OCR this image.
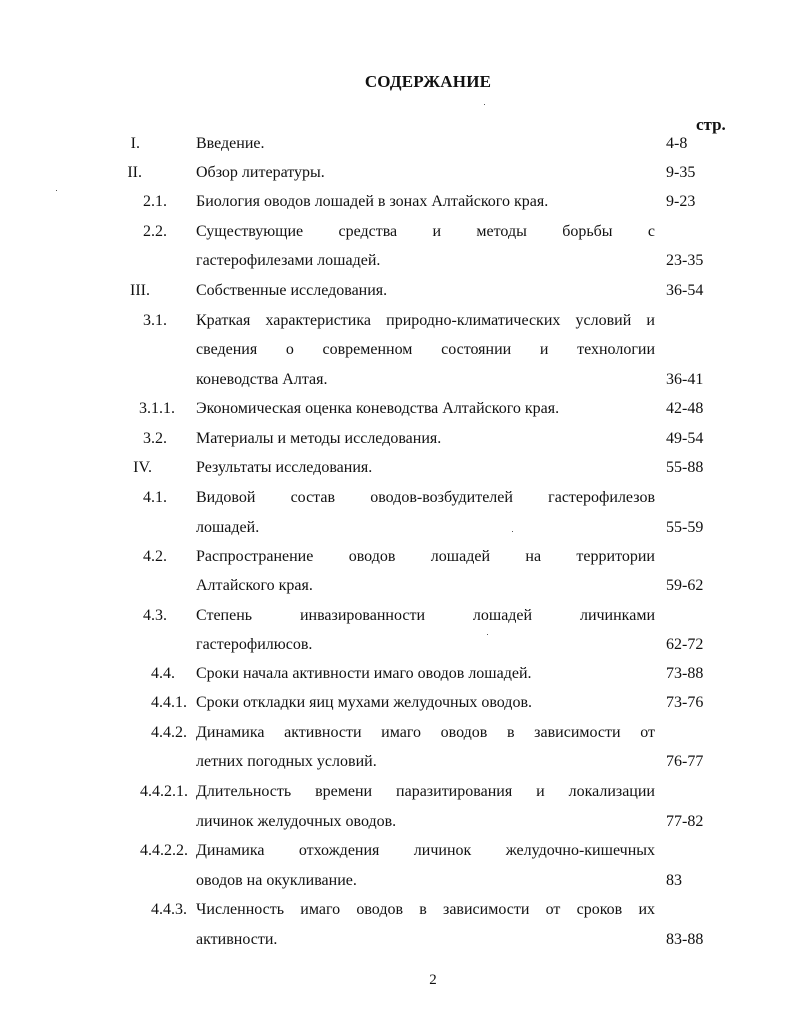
СОДЕРЖАНИЕ
стр.
I.	Введение.	4-8
II.	Обзор литературы.	9-35
2.1. Биология оводов лошадей в зонах Алтайского края.	9-23
2.2. Существующие средства и методы борьбы с
гастерофилезами лошадей.	23-35
III.	Собственные исследования.	36-54
3.1. Краткая характеристика природно-климатических условий и
сведения о современном состоянии и технологии
коневодства Алтая.	36-41
3.1.1. Экономическая оценка коневодства Алтайского края.	42-48
3.2. Материалы и методы исследования.	49-54
IV.	Результаты исследования.	55-88
4.1. Видовой состав оводов-возбудителей гастерофилезов
лошадей.	55-59
4.2. Распространение оводов лошадей на территории
Алтайского края.	59-62
4.3. Степень инвазированности лошадей личинками
гастерофилюсов.	62-72
4.4. Сроки начала активности имаго оводов лошадей.	73-88
4.4.1. Сроки откладки яиц мухами желудочных оводов.	73-76
4.4.2. Динамика активности имаго оводов в зависимости от
летних погодных условий.	76-77
4.4.2.1. Длительность времени паразитирования и локализации
личинок желудочных оводов.	77-82
4.4.2.2. Динамика отхождения личинок желудочно-кишечных
оводов на окукливание.	83
4.4.3. Численность имаго оводов в зависимости от сроков их
активности.	83-88
2
